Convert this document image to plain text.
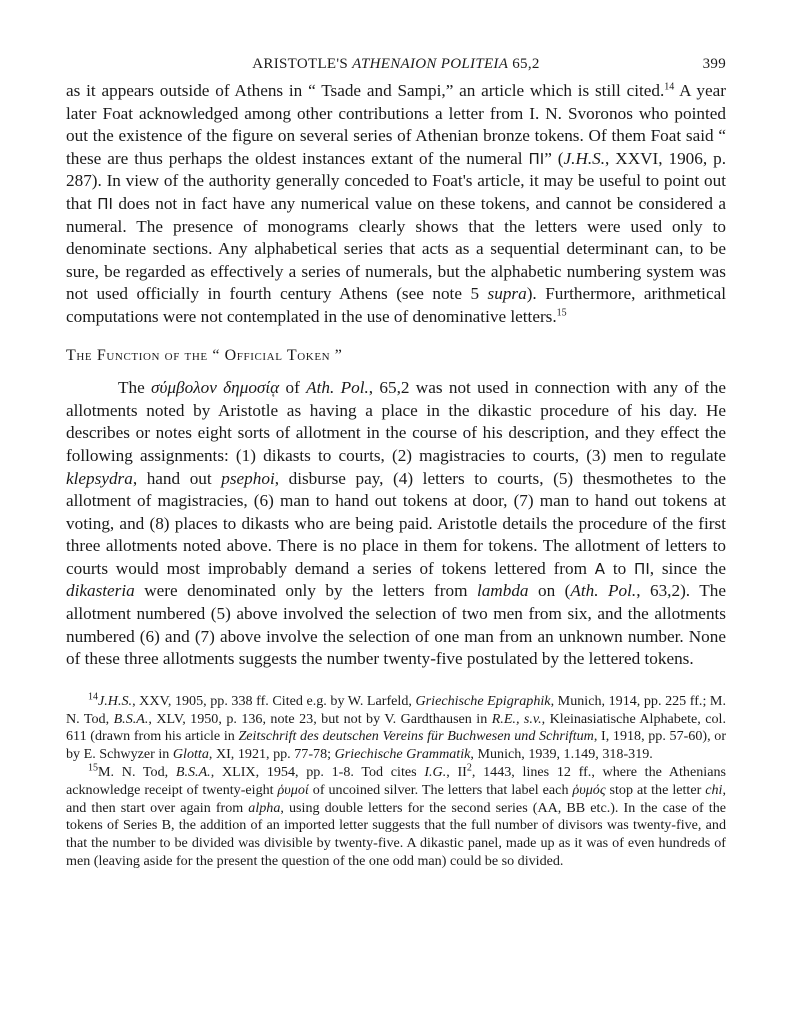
ARISTOTLE'S ATHENAION POLITEIA 65,2	399

as it appears outside of Athens in “ Tsade and Sampi,” an article which is still cited.$^{14}$ A year later Foat acknowledged among other contributions a letter from I. N. Svoronos who pointed out the existence of the figure on several series of Athenian bronze tokens. Of them Foat said “ these are thus perhaps the oldest instances extant of the numeral ΠΙ” (J.H.S., XXVI, 1906, p. 287). In view of the authority generally conceded to Foat's article, it may be useful to point out that ΠΙ does not in fact have any numerical value on these tokens, and cannot be considered a numeral. The presence of monograms clearly shows that the letters were used only to denominate sections. Any alphabetical series that acts as a sequential determinant can, to be sure, be regarded as effectively a series of numerals, but the alphabetic numbering system was not used officially in fourth century Athens (see note 5 supra). Furthermore, arithmetical computations were not contemplated in the use of denominative letters.$^{15}$

The Function of the “ Official Token ”

The σύμβολον δημοσίᾳ of Ath. Pol., 65,2 was not used in connection with any of the allotments noted by Aristotle as having a place in the dikastic procedure of his day. He describes or notes eight sorts of allotment in the course of his description, and they effect the following assignments: (1) dikasts to courts, (2) magistracies to courts, (3) men to regulate klepsydra, hand out psephoi, disburse pay, (4) letters to courts, (5) thesmothetes to the allotment of magistracies, (6) man to hand out tokens at door, (7) man to hand out tokens at voting, and (8) places to dikasts who are being paid. Aristotle details the procedure of the first three allotments noted above. There is no place in them for tokens. The allotment of letters to courts would most improbably demand a series of tokens lettered from Α to ΠΙ, since the dikasteria were denominated only by the letters from lambda on (Ath. Pol., 63,2). The allotment numbered (5) above involved the selection of two men from six, and the allotments numbered (6) and (7) above involve the selection of one man from an unknown number. None of these three allotments suggests the number twenty-five postulated by the lettered tokens.

$^{14}$J.H.S., XXV, 1905, pp. 338 ff. Cited e.g. by W. Larfeld, Griechische Epigraphik, Munich, 1914, pp. 225 ff.; M. N. Tod, B.S.A., XLV, 1950, p. 136, note 23, but not by V. Gardthausen in R.E., s.v., Kleinasiatische Alphabete, col. 611 (drawn from his article in Zeitschrift des deutschen Vereins für Buchwesen und Schriftum, I, 1918, pp. 57-60), or by E. Schwyzer in Glotta, XI, 1921, pp. 77-78; Griechische Grammatik, Munich, 1939, 1.149, 318-319.

$^{15}$M. N. Tod, B.S.A., XLIX, 1954, pp. 1-8. Tod cites I.G., $II^2$, 1443, lines 12 ff., where the Athenians acknowledge receipt of twenty-eight ῥυμοί of uncoined silver. The letters that label each ῥυμός stop at the letter chi, and then start over again from alpha, using double letters for the second series (AA, BB etc.). In the case of the tokens of Series B, the addition of an imported letter suggests that the full number of divisors was twenty-five, and that the number to be divided was divisible by twenty-five. A dikastic panel, made up as it was of even hundreds of men (leaving aside for the present the question of the one odd man) could be so divided.
